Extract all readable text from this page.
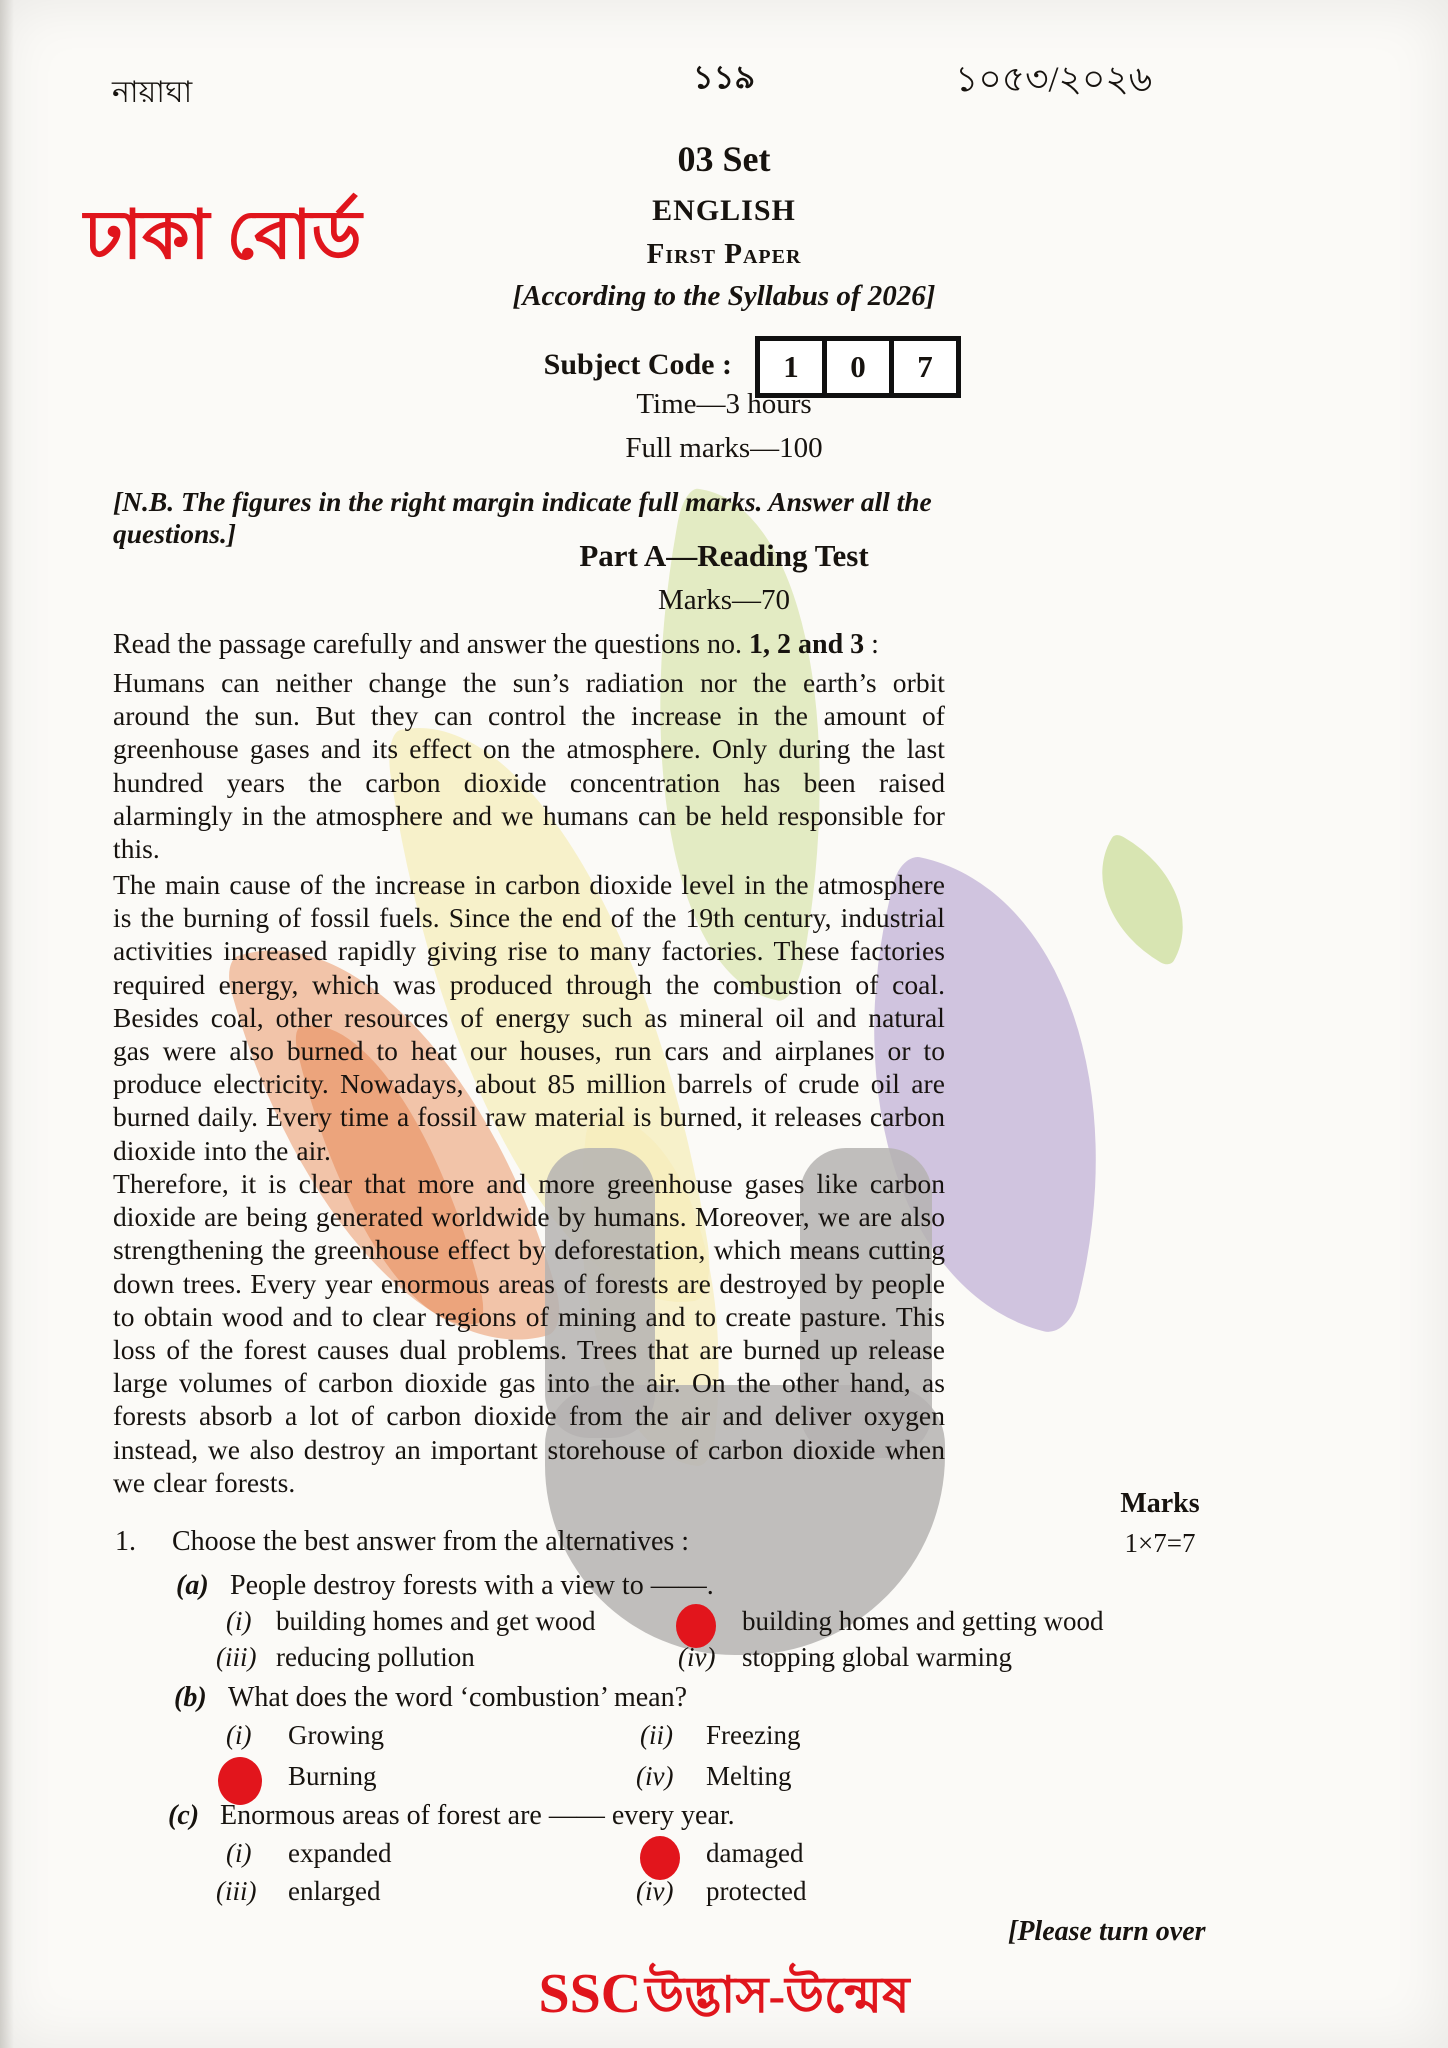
নায়াঘা	১১৯	১০৫৩/২০২৬
03 Set
ENGLISH
First Paper
[According to the Syllabus of 2026]
ঢাকা বোর্ড
Subject Code :	1 0 7
Time—3 hours
Full marks—100
[N.B. The figures in the right margin indicate full marks. Answer all the questions.]
Part A—Reading Test
Marks—70
Read the passage carefully and answer the questions no. 1, 2 and 3 :
Humans can neither change the sun’s radiation nor the earth’s orbit around the sun. But they can control the increase in the amount of greenhouse gases and its effect on the atmosphere. Only during the last hundred years the carbon dioxide concentration has been raised alarmingly in the atmosphere and we humans can be held responsible for this.
The main cause of the increase in carbon dioxide level in the atmosphere is the burning of fossil fuels. Since the end of the 19th century, industrial activities increased rapidly giving rise to many factories. These factories required energy, which was produced through the combustion of coal. Besides coal, other resources of energy such as mineral oil and natural gas were also burned to heat our houses, run cars and airplanes or to produce electricity. Nowadays, about 85 million barrels of crude oil are burned daily. Every time a fossil raw material is burned, it releases carbon dioxide into the air.
Therefore, it is clear that more and more greenhouse gases like carbon dioxide are being generated worldwide by humans. Moreover, we are also strengthening the greenhouse effect by deforestation, which means cutting down trees. Every year enormous areas of forests are destroyed by people to obtain wood and to clear regions of mining and to create pasture. This loss of the forest causes dual problems. Trees that are burned up release large volumes of carbon dioxide gas into the air. On the other hand, as forests absorb a lot of carbon dioxide from the air and deliver oxygen instead, we also destroy an important storehouse of carbon dioxide when we clear forests.
Marks
1. Choose the best answer from the alternatives :	1×7=7
(a) People destroy forests with a view to ——.
(i) building homes and get wood	building homes and getting wood
(iii) reducing pollution	(iv) stopping global warming
(b) What does the word ‘combustion’ mean?
(i) Growing	(ii) Freezing
Burning	(iv) Melting
(c) Enormous areas of forest are —— every year.
(i) expanded	damaged
(iii) enlarged	(iv) protected
[Please turn over
SSC উদ্ভাস-উন্মেষ
